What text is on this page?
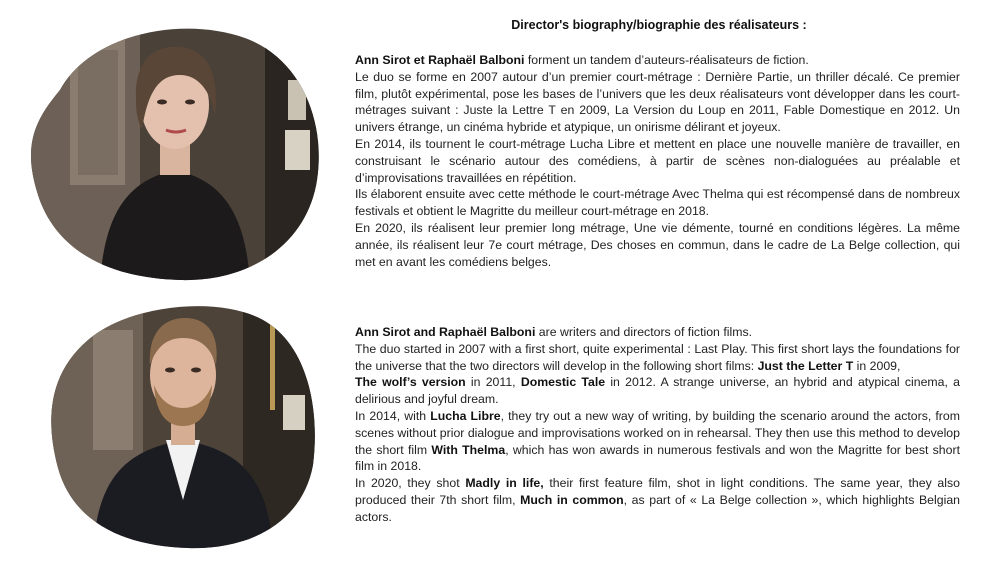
Director's biography/biographie des réalisateurs :

Ann Sirot et Raphaël Balboni forment un tandem d’auteurs-réalisateurs de fiction.

Le duo se forme en 2007 autour d’un premier court-métrage : Dernière Partie, un thriller décalé. Ce premier film, plutôt expérimental, pose les bases de l’univers que les deux réalisateurs vont développer dans les court-métrages suivant : Juste la Lettre T en 2009, La Version du Loup en 2011, Fable Domestique en 2012. Un univers étrange, un cinéma hybride et atypique, un onirisme délirant et joyeux.

En 2014, ils tournent le court-métrage Lucha Libre et mettent en place une nouvelle manière de travailler, en construisant le scénario autour des comédiens, à partir de scènes non-dialoguées au préalable et d’improvisations travaillées en répétition.

Ils élaborent ensuite avec cette méthode le court-métrage Avec Thelma qui est récompensé dans de nombreux festivals et obtient le Magritte du meilleur court-métrage en 2018.

En 2020, ils réalisent leur premier long métrage, Une vie démente, tourné en conditions légères. La même année, ils réalisent leur 7e court métrage, Des choses en commun, dans le cadre de La Belge collection, qui met en avant les comédiens belges.

Ann Sirot and Raphaël Balboni are writers and directors of fiction films.

The duo started in 2007 with a first short, quite experimental : Last Play. This first short lays the foundations for the universe that the two directors will develop in the following short films: Just the Letter T in 2009,

The wolf’s version in 2011, Domestic Tale in 2012. A strange universe, an hybrid and atypical cinema, a delirious and joyful dream.

In 2014, with Lucha Libre, they try out a new way of writing, by building the scenario around the actors, from scenes without prior dialogue and improvisations worked on in rehearsal. They then use this method to develop the short film With Thelma, which has won awards in numerous festivals and won the Magritte for best short film in 2018.

In 2020, they shot Madly in life, their first feature film, shot in light conditions. The same year, they also produced their 7th short film, Much in common, as part of « La Belge collection », which highlights Belgian actors.
